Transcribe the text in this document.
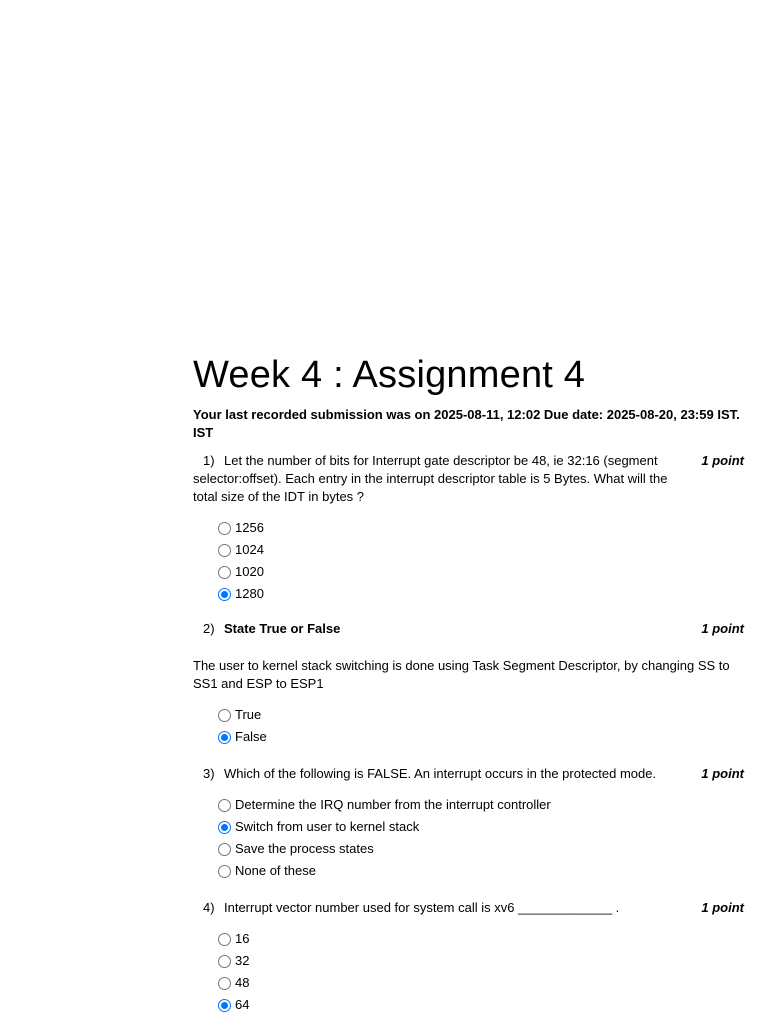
Week 4 : Assignment 4
Your last recorded submission was on 2025-08-11, 12:02 Due date: 2025-08-20, 23:59 IST. IST
1) Let the number of bits for Interrupt gate descriptor be 48, ie 32:16 (segment selector:offset). Each entry in the interrupt descriptor table is 5 Bytes. What will the total size of the IDT in bytes ?
1 point
1256
1024
1020
1280
2) State True or False	1 point
The user to kernel stack switching is done using Task Segment Descriptor, by changing SS to SS1 and ESP to ESP1
True
False
3) Which of the following is FALSE. An interrupt occurs in the protected mode.	1 point
Determine the IRQ number from the interrupt controller
Switch from user to kernel stack
Save the process states
None of these
4) Interrupt vector number used for system call is xv6 _____________ .	1 point
16
32
48
64
